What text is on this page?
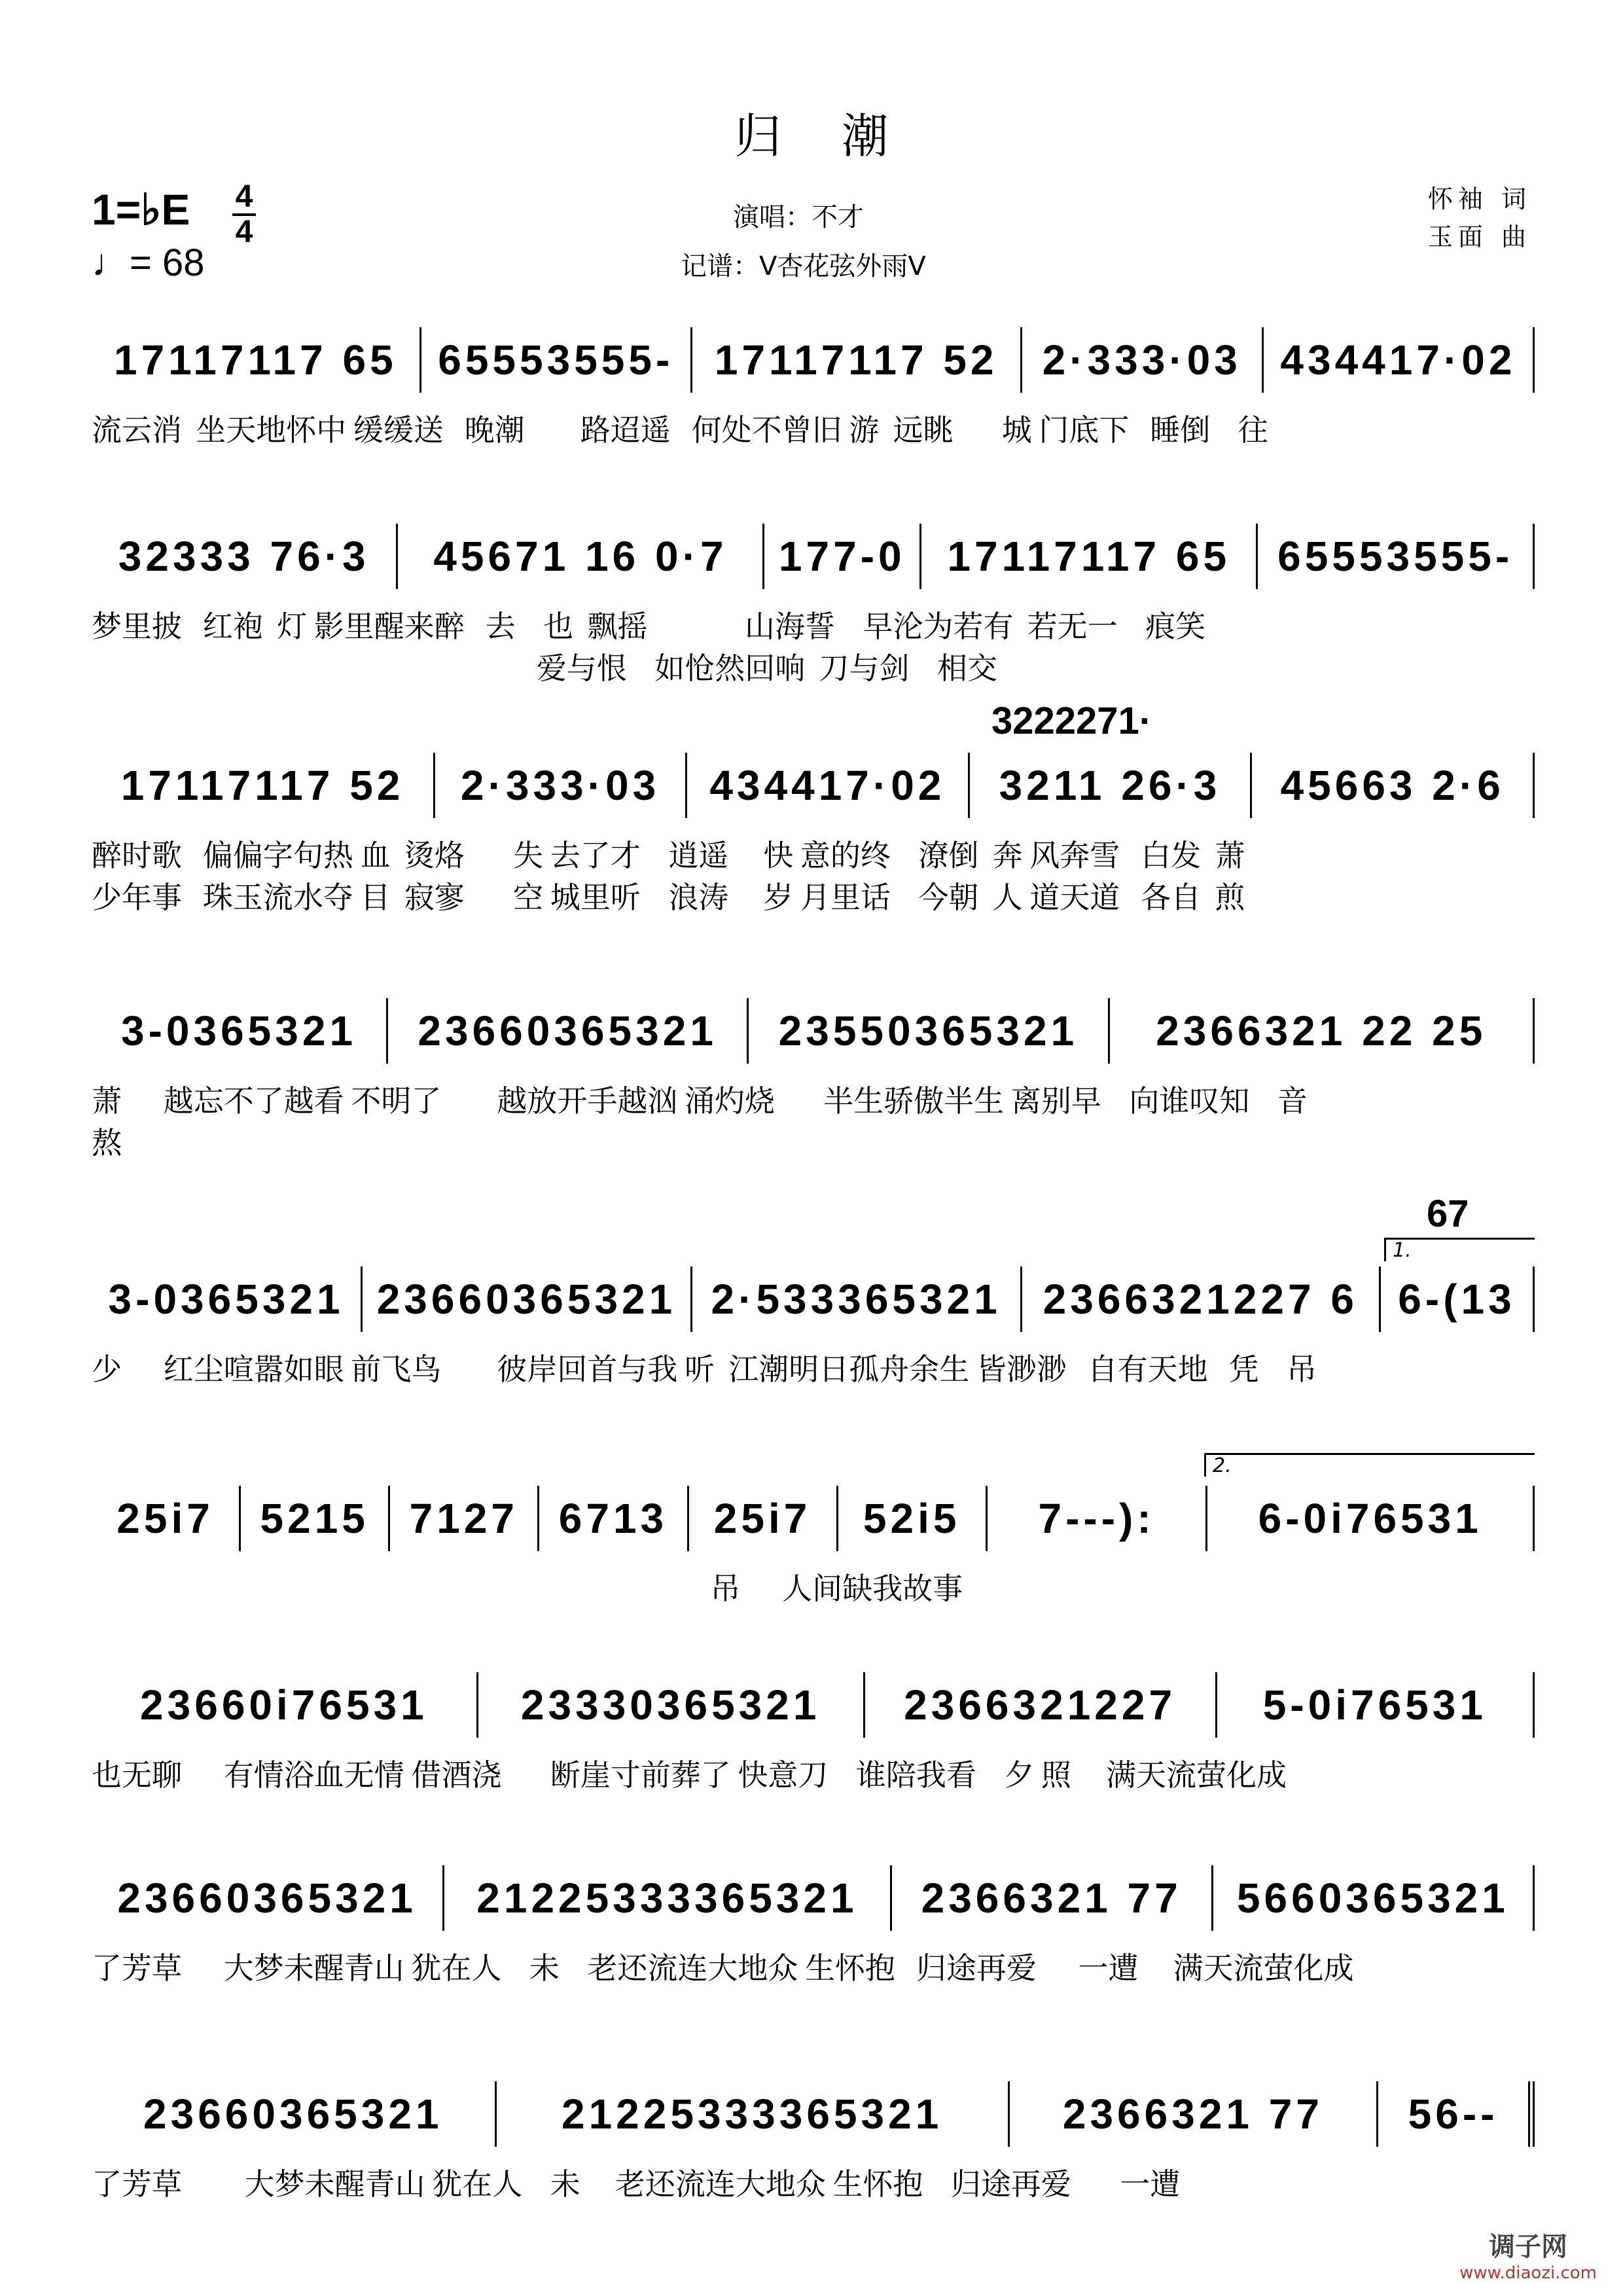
归    潮
1=♭E 4
4
♩= 68
演唱：不才
记谱：V杏花弦外雨V
怀袖 词
玉面 曲
17117117 65 65553555- 17117117 52	2·333·03 434417·02
流云消  坐天地怀中 缓缓送   晚潮        路迢遥   何处不曾旧 游  远眺       城 门底下   睡倒    往
32333 76·3	45671 16 0·7	177-0 17117117 65	65553555-
梦里披   红袍  灯 影里醒来醉   去    也  飘摇              山海誓    早沦为若有  若无一    痕笑
爱与恨    如怆然回响  刀与剑    相交
17117117 52	2·333·03	434417·02	3211 26·3	45663 2·6
醉时歌   偏偏字句热 血  烫烙       失 去了才    逍遥     快 意的终    潦倒  奔 风奔雪   白发  萧
少年事   珠玉流水夺 目  寂寥       空 城里听    浪涛     岁 月里话    今朝  人 道天道   各自  煎
3222271·
3-0365321	23660365321	23550365321	2366321 22 25
萧      越忘不了越看 不明了        越放开手越汹 涌灼烧       半生骄傲半生 离别早    向谁叹知    音
熬
3-0365321 23660365321 2·533365321 2366321227 6 6-(13
少      红尘喧嚣如眼 前飞鸟        彼岸回首与我 听  江潮明日孤舟余生 皆渺渺   自有天地   凭    吊
67
1.
25i7	5215 7127 6713	25i7	52i5	7---):	6-0i76531
吊      人间缺我故事
2.
23660i76531	23330365321	2366321227	5-0i76531
也无聊      有情浴血无情 借酒浇       断崖寸前葬了 快意刀    谁陪我看    夕 照     满天流萤化成
23660365321	21225333365321	2366321 77	5660365321
了芳草      大梦未醒青山 犹在人    未    老还流连大地众 生怀抱   归途再爱      一遭     满天流萤化成
23660365321	21225333365321	2366321 77	56--
了芳草         大梦未醒青山 犹在人    未     老还流连大地众 生怀抱    归途再爱       一遭
调子网
www.diaozi.com
